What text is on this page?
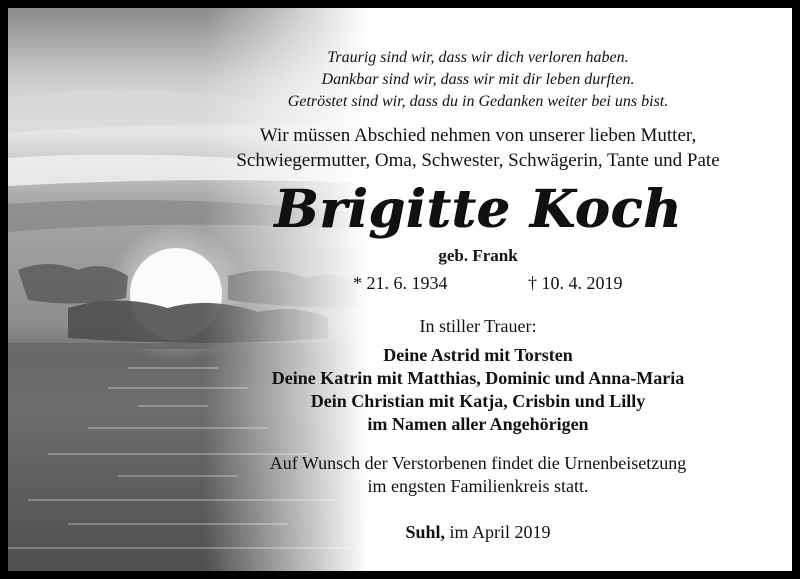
Traurig sind wir, dass wir dich verloren haben.
Dankbar sind wir, dass wir mit dir leben durften.
Getröstet sind wir, dass du in Gedanken weiter bei uns bist.
Wir müssen Abschied nehmen von unserer lieben Mutter,
Schwiegermutter, Oma, Schwester, Schwägerin, Tante und Pate
Brigitte Koch
geb. Frank
* 21. 6. 1934	† 10. 4. 2019
In stiller Trauer:
Deine Astrid mit Torsten
Deine Katrin mit Matthias, Dominic und Anna-Maria
Dein Christian mit Katja, Crisbin und Lilly
im Namen aller Angehörigen
Auf Wunsch der Verstorbenen findet die Urnenbeisetzung
im engsten Familienkreis statt.
Suhl, im April 2019
